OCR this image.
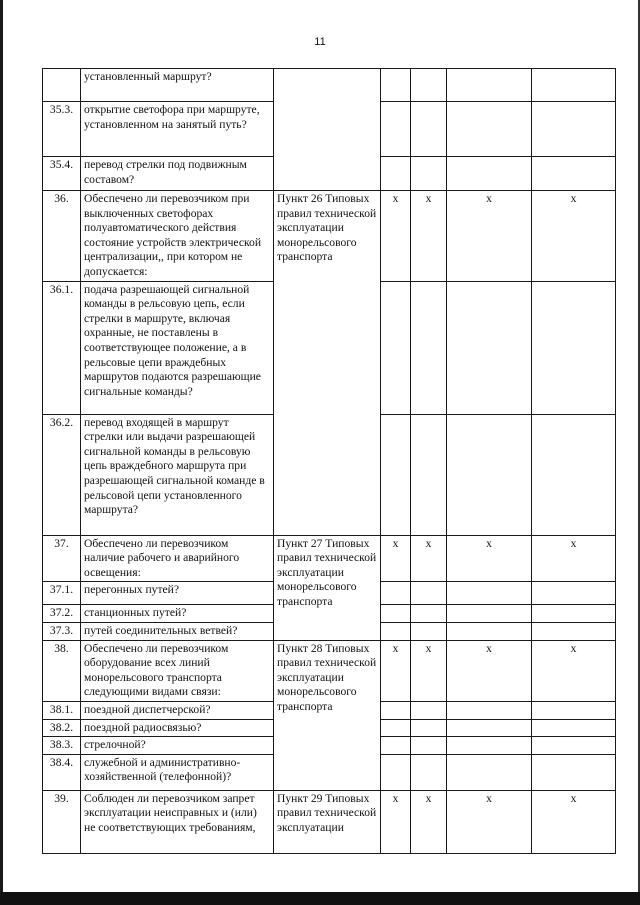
11
	установленный маршрут?					
35.3.	открытие светофора при маршруте, установленном на занятый путь?					
35.4.	перевод стрелки под подвижным составом?					
36.	Обеспечено ли перевозчиком при выключенных светофорах полуавтоматического действия состояние устройств электрической централизации,, при котором не допускается:	Пункт 26 Типовых правил технической эксплуатации монорельсового транспорта	x	x	x	x
36.1.	подача разрешающей сигнальной команды в рельсовую цепь, если стрелки в маршруте, включая охранные, не поставлены в соответствующее положение, а в рельсовые цепи враждебных маршрутов подаются разрешающие сигнальные команды?					
36.2.	перевод входящей в маршрут стрелки или выдачи разрешающей сигнальной команды в рельсовую цепь враждебного маршрута при разрешающей сигнальной команде в рельсовой цепи установленного маршрута?					
37.	Обеспечено ли перевозчиком наличие рабочего и аварийного освещения:	Пункт 27 Типовых правил технической эксплуатации монорельсового транспорта	x	x	x	x
37.1.	перегонных путей?					
37.2.	станционных путей?					
37.3.	путей соединительных ветвей?					
38.	Обеспечено ли перевозчиком оборудование всех линий монорельсового транспорта следующими видами связи:	Пункт 28 Типовых правил технической эксплуатации монорельсового транспорта	x	x	x	x
38.1.	поездной диспетчерской?					
38.2.	поездной радиосвязью?					
38.3.	стрелочной?					
38.4.	служебной и административно-хозяйственной (телефонной)?					
39.	Соблюден ли перевозчиком запрет эксплуатации неисправных и (или) не соответствующих требованиям,	Пункт 29 Типовых правил технической эксплуатации	x	x	x	x
